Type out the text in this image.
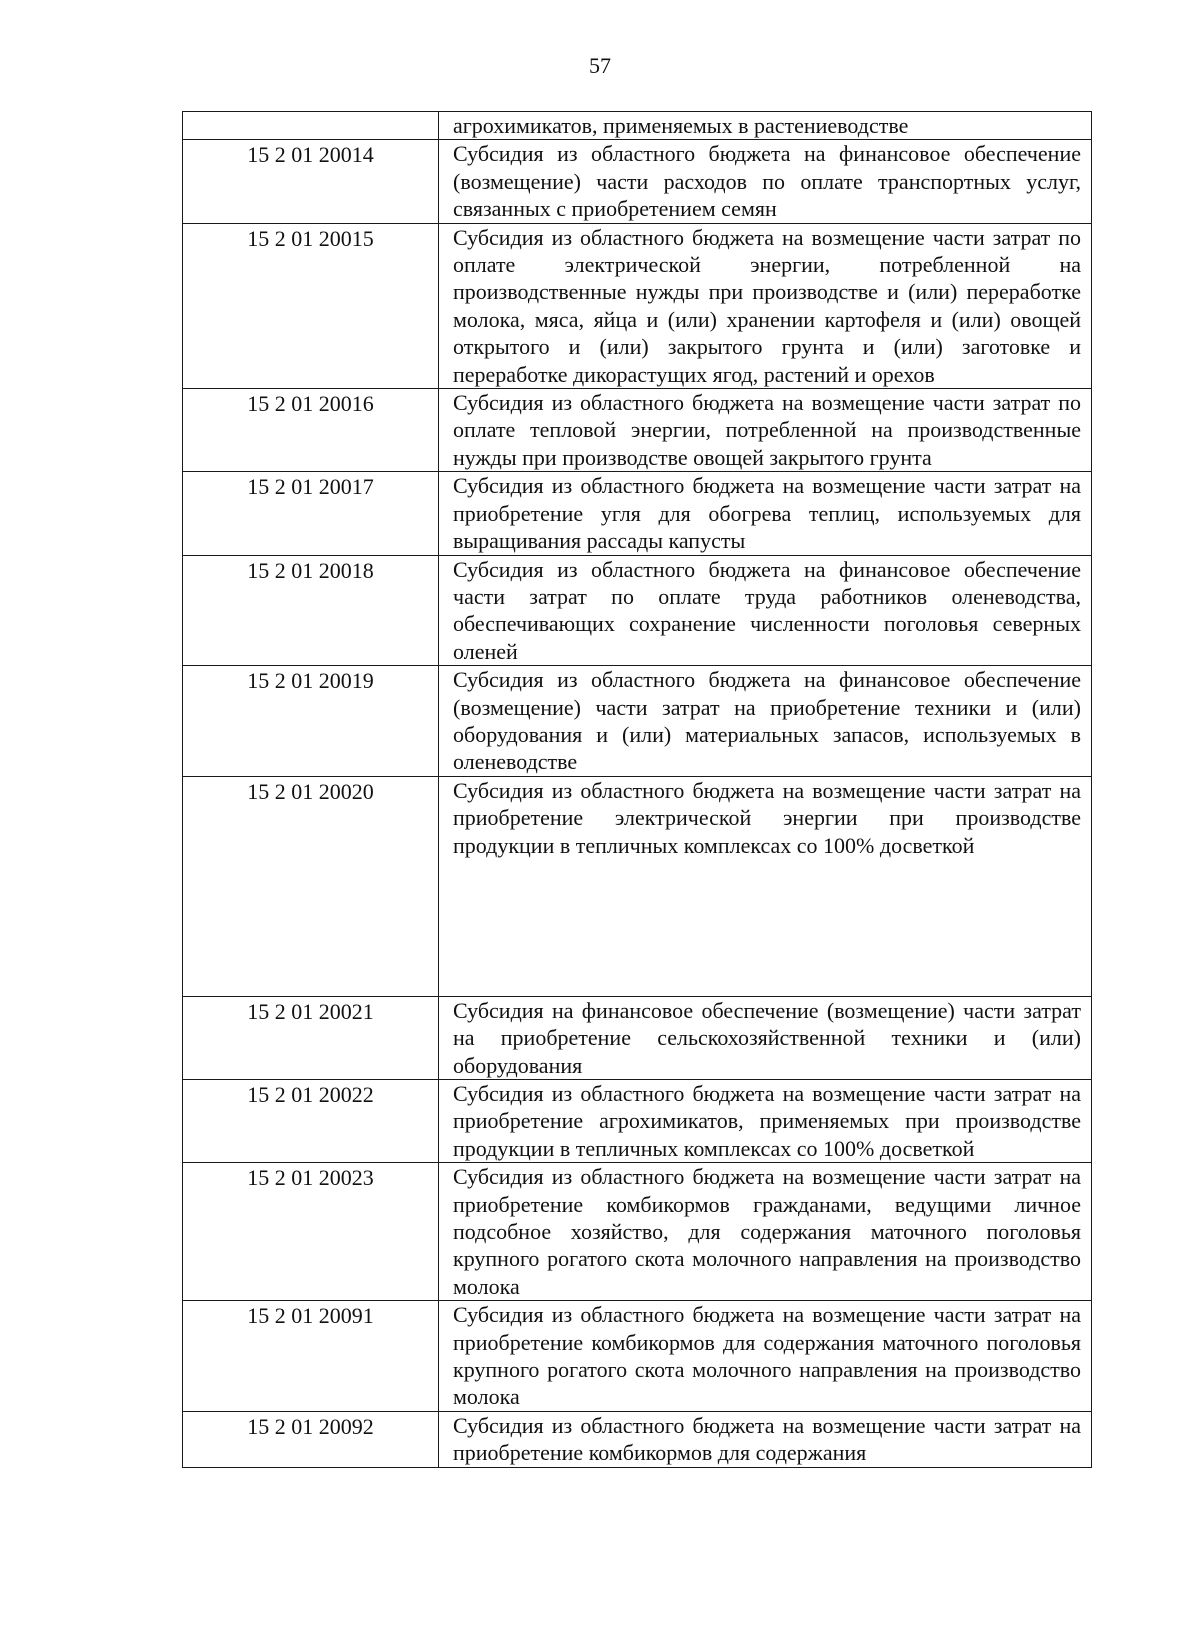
57

	агрохимикатов, применяемых в растениеводстве

15 2 01 20014	Субсидия из областного бюджета на финансовое обеспечение (возмещение) части расходов по оплате транспортных услуг, связанных с приобретением семян

15 2 01 20015	Субсидия из областного бюджета на возмещение части затрат по оплате электрической энергии, потребленной на производственные нужды при производстве и (или) переработке молока, мяса, яйца и (или) хранении картофеля и (или) овощей открытого и (или) закрытого грунта и (или) заготовке и переработке дикорастущих ягод, растений и орехов

15 2 01 20016	Субсидия из областного бюджета на возмещение части затрат по оплате тепловой энергии, потребленной на производственные нужды при производстве овощей закрытого грунта

15 2 01 20017	Субсидия из областного бюджета на возмещение части затрат на приобретение угля для обогрева теплиц, используемых для выращивания рассады капусты

15 2 01 20018	Субсидия из областного бюджета на финансовое обеспечение части затрат по оплате труда работников оленеводства, обеспечивающих сохранение численности поголовья северных оленей

15 2 01 20019	Субсидия из областного бюджета на финансовое обеспечение (возмещение) части затрат на приобретение техники и (или) оборудования и (или) материальных запасов, используемых в оленеводстве

15 2 01 20020	Субсидия из областного бюджета на возмещение части затрат на приобретение электрической энергии при производстве продукции в тепличных комплексах со 100% досветкой

15 2 01 20021	Субсидия на финансовое обеспечение (возмещение) части затрат на приобретение сельскохозяйственной техники и (или) оборудования

15 2 01 20022	Субсидия из областного бюджета на возмещение части затрат на приобретение агрохимикатов, применяемых при производстве продукции в тепличных комплексах со 100% досветкой

15 2 01 20023	Субсидия из областного бюджета на возмещение части затрат на приобретение комбикормов гражданами, ведущими личное подсобное хозяйство, для содержания маточного поголовья крупного рогатого скота молочного направления на производство молока

15 2 01 20091	Субсидия из областного бюджета на возмещение части затрат на приобретение комбикормов для содержания маточного поголовья крупного рогатого скота молочного направления на производство молока

15 2 01 20092	Субсидия из областного бюджета на возмещение части затрат на приобретение комбикормов для содержания
